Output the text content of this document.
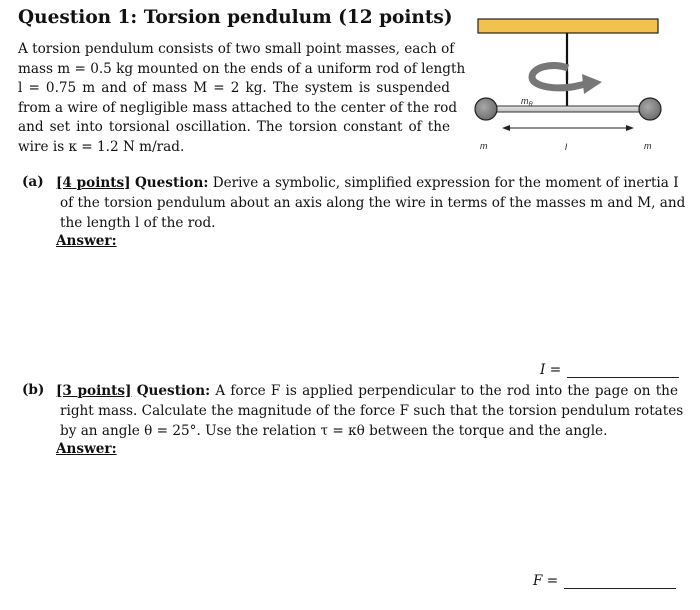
Question 1: Torsion pendulum (12 points)
A torsion pendulum consists of two small point masses, each of
mass m = 0.5 kg mounted on the ends of a uniform rod of length
l = 0.75 m and of mass M = 2 kg. The system is suspended
from a wire of negligible mass attached to the center of the rod
and set into torsional oscillation. The torsion constant of the
wire is κ = 1.2 N m/rad.
$m_R$
m	l	m
(a) [4 points] Question: Derive a symbolic, simplified expression for the moment of inertia I
of the torsion pendulum about an axis along the wire in terms of the masses m and M, and
the length l of the rod.
Answer:
I =
(b) [3 points] Question: A force F is applied perpendicular to the rod into the page on the
right mass. Calculate the magnitude of the force F such that the torsion pendulum rotates
by an angle θ = 25°. Use the relation τ = κθ between the torque and the angle.
Answer:
F =
